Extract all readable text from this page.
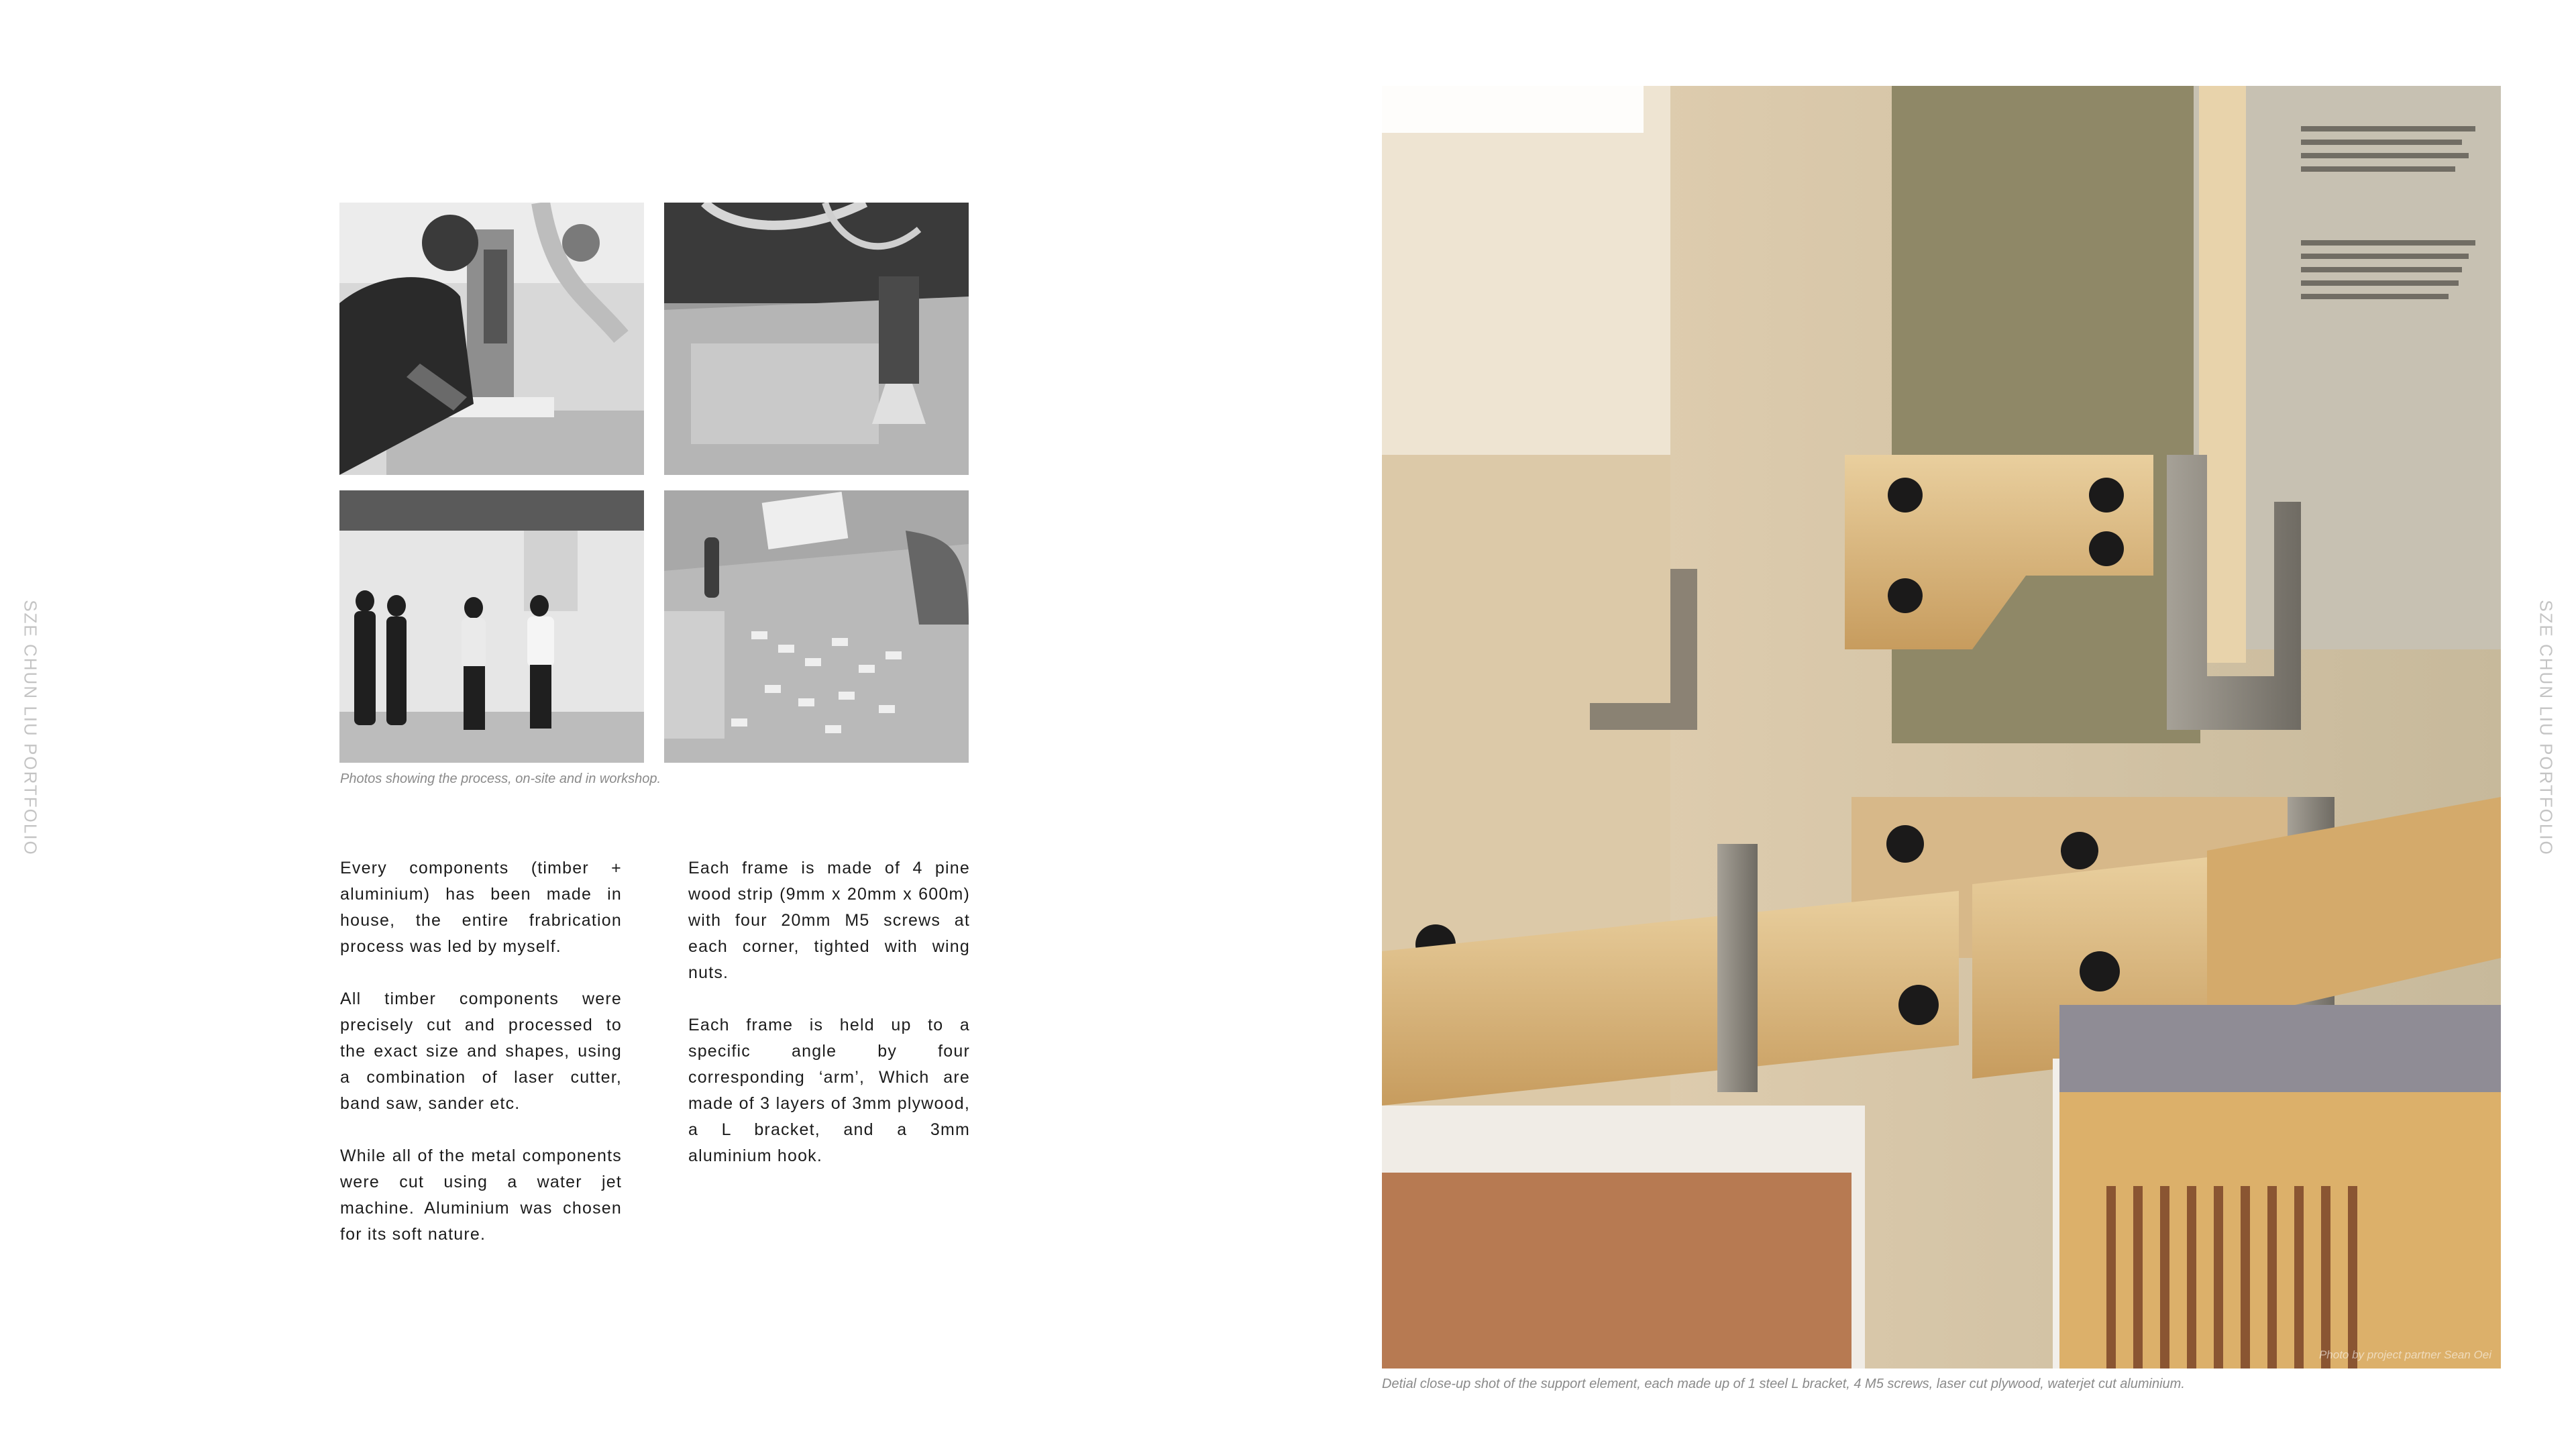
SZE CHUN LIU PORTFOLIO	SZE CHUN LIU PORTFOLIO
Photos showing the process, on-site and in workshop.

Every components (timber + aluminium) has been made in house, the entire frabrication process was led by myself.

All timber components were precisely cut and processed to the exact size and shapes, using a combination of laser cutter, band saw, sander etc.

While all of the metal components were cut using a water jet machine. Aluminium was chosen for its soft nature.

Each frame is made of 4 pine wood strip (9mm x 20mm x 600m) with four 20mm M5 screws at each corner, tighted with wing nuts.

Each frame is held up to a specific angle by four corresponding ‘arm’, Which are made of 3 layers of 3mm plywood, a L bracket, and a 3mm aluminium hook.

Photo by project partner Sean Oei
Detial close-up shot of the support element, each made up of 1 steel L bracket, 4 M5 screws, laser cut plywood, waterjet cut aluminium.
